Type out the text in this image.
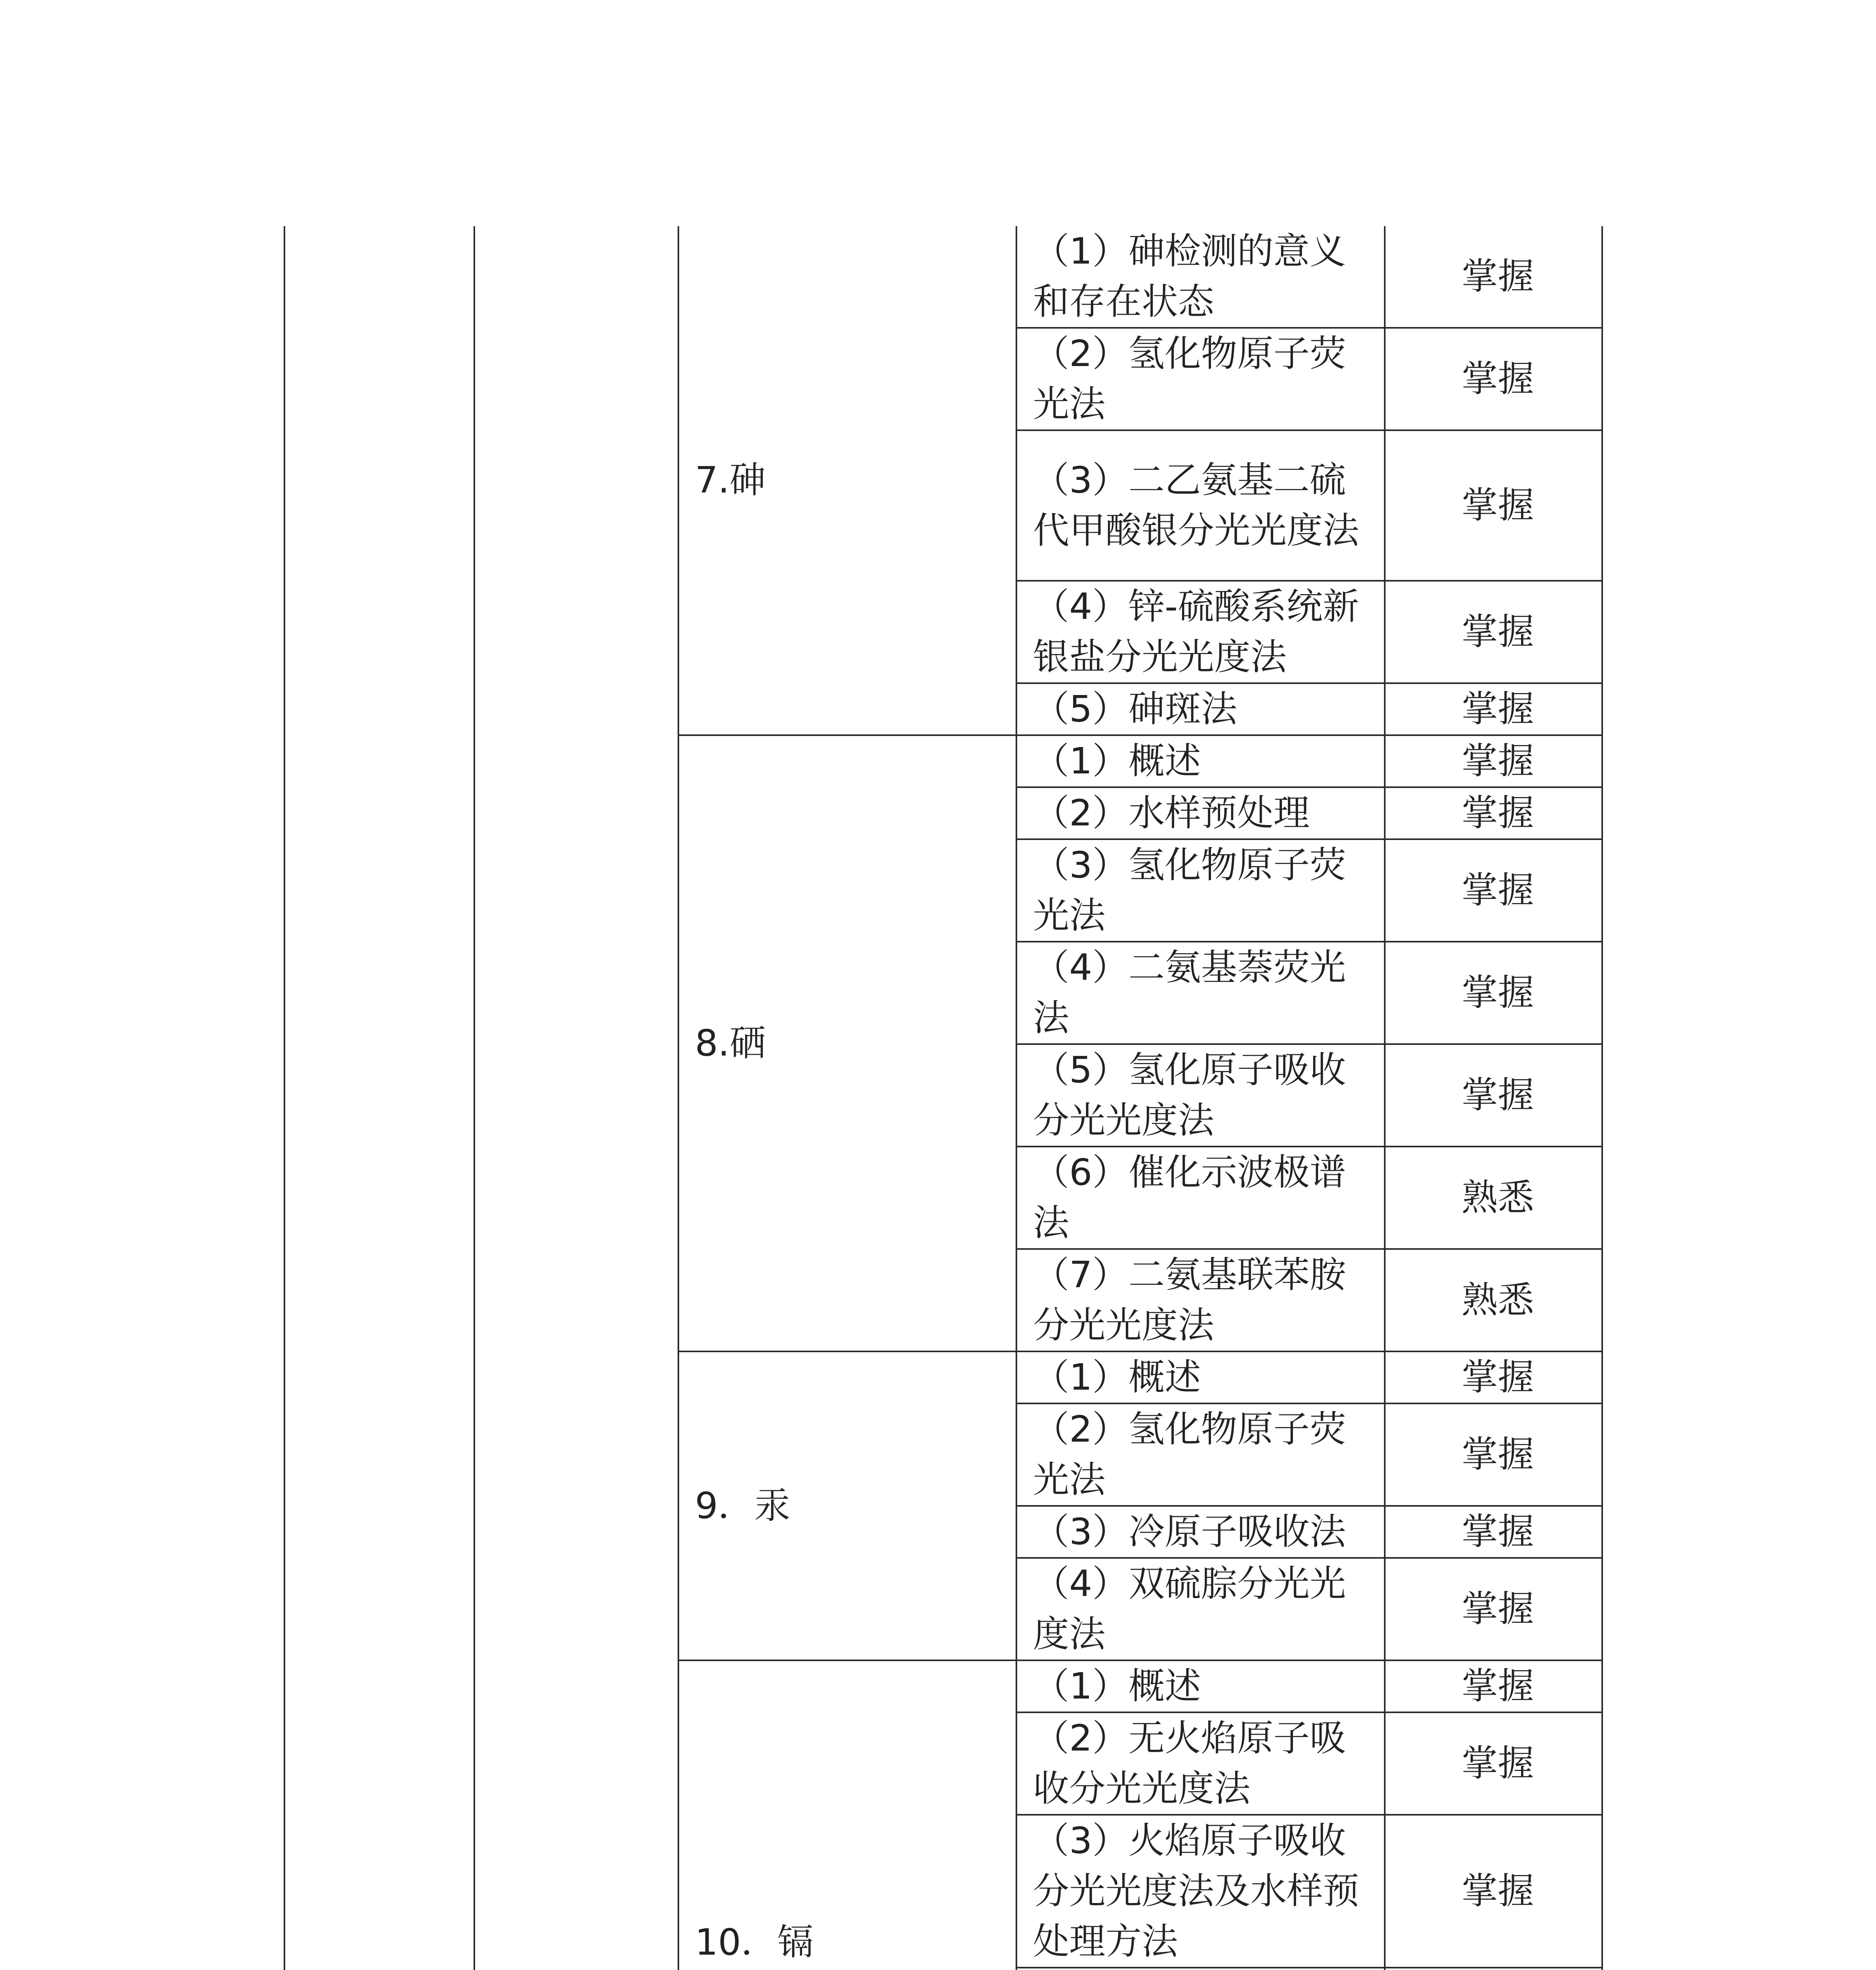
		7.砷	（1）砷检测的意义和存在状态	掌握
			（2）氢化物原子荧光法	掌握
			（3）二乙氨基二硫代甲酸银分光光度法	掌握
			（4）锌-硫酸系统新银盐分光光度法	掌握
			（5）砷斑法	掌握
		8.硒	（1）概述	掌握
			（2）水样预处理	掌握
			（3）氢化物原子荧光法	掌握
			（4）二氨基萘荧光法	掌握
			（5）氢化原子吸收分光光度法	掌握
			（6）催化示波极谱法	熟悉
			（7）二氨基联苯胺分光光度法	熟悉
		9．汞	（1）概述	掌握
			（2）氢化物原子荧光法	掌握
			（3）冷原子吸收法	掌握
			（4）双硫腙分光光度法	掌握
		10．镉	（1）概述	掌握
			（2）无火焰原子吸收分光光度法	掌握
			（3）火焰原子吸收分光光度法及水样预处理方法	掌握
